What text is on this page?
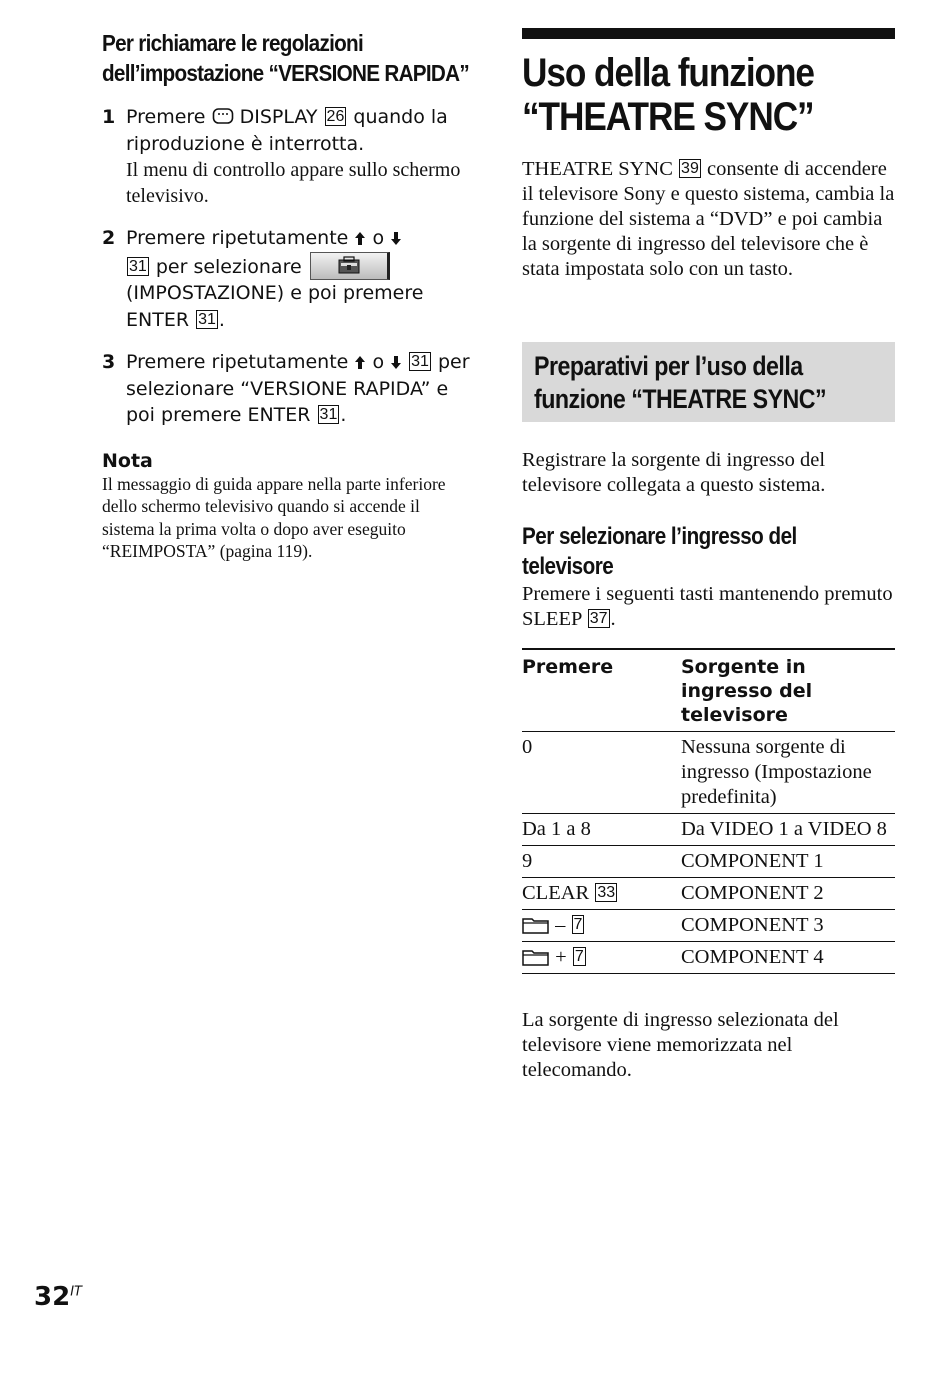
Per richiamare le regolazioni
dell’impostazione “VERSIONE RAPIDA”
1 Premere DISPLAY 26 quando la riproduzione è interrotta.
Il menu di controllo appare sullo schermo televisivo.
2 Premere ripetutamente o
31 per selezionare
(IMPOSTAZIONE) e poi premere ENTER 31 .
3 Premere ripetutamente o 31 per selezionare “VERSIONE RAPIDA” e poi premere ENTER 31 .
Nota
Il messaggio di guida appare nella parte inferiore dello schermo televisivo quando si accende il sistema la prima volta o dopo aver eseguito “REIMPOSTA” (pagina 119).
Uso della funzione
“THEATRE SYNC”
THEATRE SYNC 39 consente di accendere il televisore Sony e questo sistema, cambia la funzione del sistema a “DVD” e poi cambia la sorgente di ingresso del televisore che è stata impostata solo con un tasto.
Preparativi per l’uso della
funzione “THEATRE SYNC”
Registrare la sorgente di ingresso del televisore collegata a questo sistema.
Per selezionare l’ingresso del
televisore
Premere i seguenti tasti mantenendo premuto SLEEP 37 .
Premere	Sorgente in ingresso del televisore
0	Nessuna sorgente di ingresso (Impostazione predefinita)
Da 1 a 8	Da VIDEO 1 a VIDEO 8
9	COMPONENT 1
CLEAR 33	COMPONENT 2
– 7	COMPONENT 3
+ 7	COMPONENT 4
La sorgente di ingresso selezionata del televisore viene memorizzata nel telecomando.
$32^{IT}$
